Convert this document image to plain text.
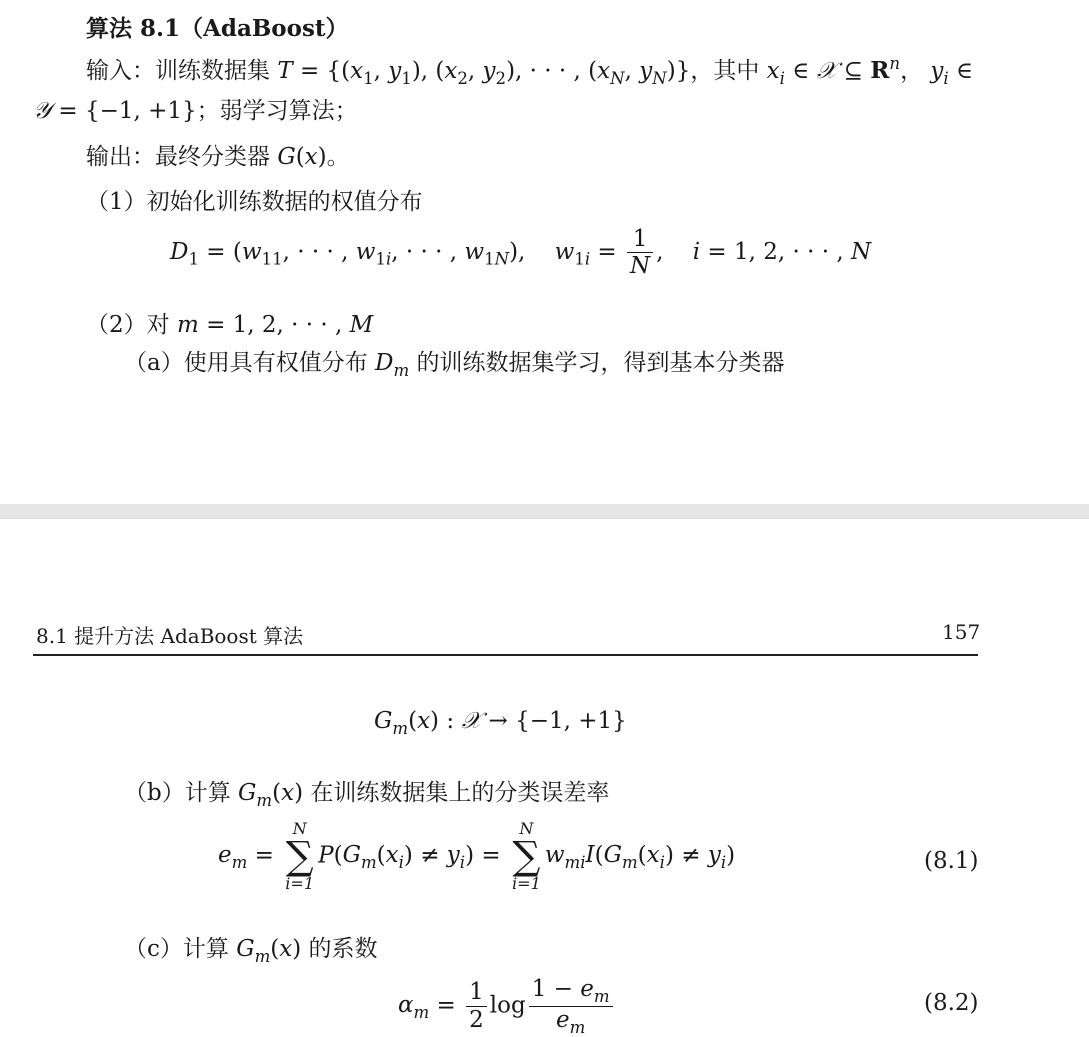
算法 8.1（AdaBoost）
输入：训练数据集 $T = \{(x_1$, $y_1$), ($x_2$, $y_2$), · · · , ($x_N$, $y_N$)}，其中 $x_i$ ∈ 𝒳 ⊆ $R^n$， $y_i$ ∈
𝒴 = {−1, +1}；弱学习算法；
输出：最终分类器 G(x)。
（1）初始化训练数据的权值分布
$D_1 = (w_{11}$, · · · , $w_{1i}$, · · · , $w_{1N}$),    $w_{1i} = \frac{1}{N}$ ,    i = 1, 2, · · · , N
（2）对 m = 1, 2, · · · , M
（a）使用具有权值分布 $D_m$ 的训练数据集学习，得到基本分类器
8.1 提升方法 AdaBoost 算法	157
$G_m(x)$ : 𝒳 → {−1, +1}
（b）计算 $G_m(x)$ 在训练数据集上的分类误差率
$e_m$ =
N
∑
i=1
$P(G_m(x_i) \ne y_i)$ =
N
∑
i=1
$w_{mi}I(G_m(x_i) \ne y_i)$	(8.1)
（c）计算 $G_m(x)$ 的系数
$\alpha_m = \frac{1}{2}$ $\log \frac{1 - e_m}{e_m}$	(8.2)
